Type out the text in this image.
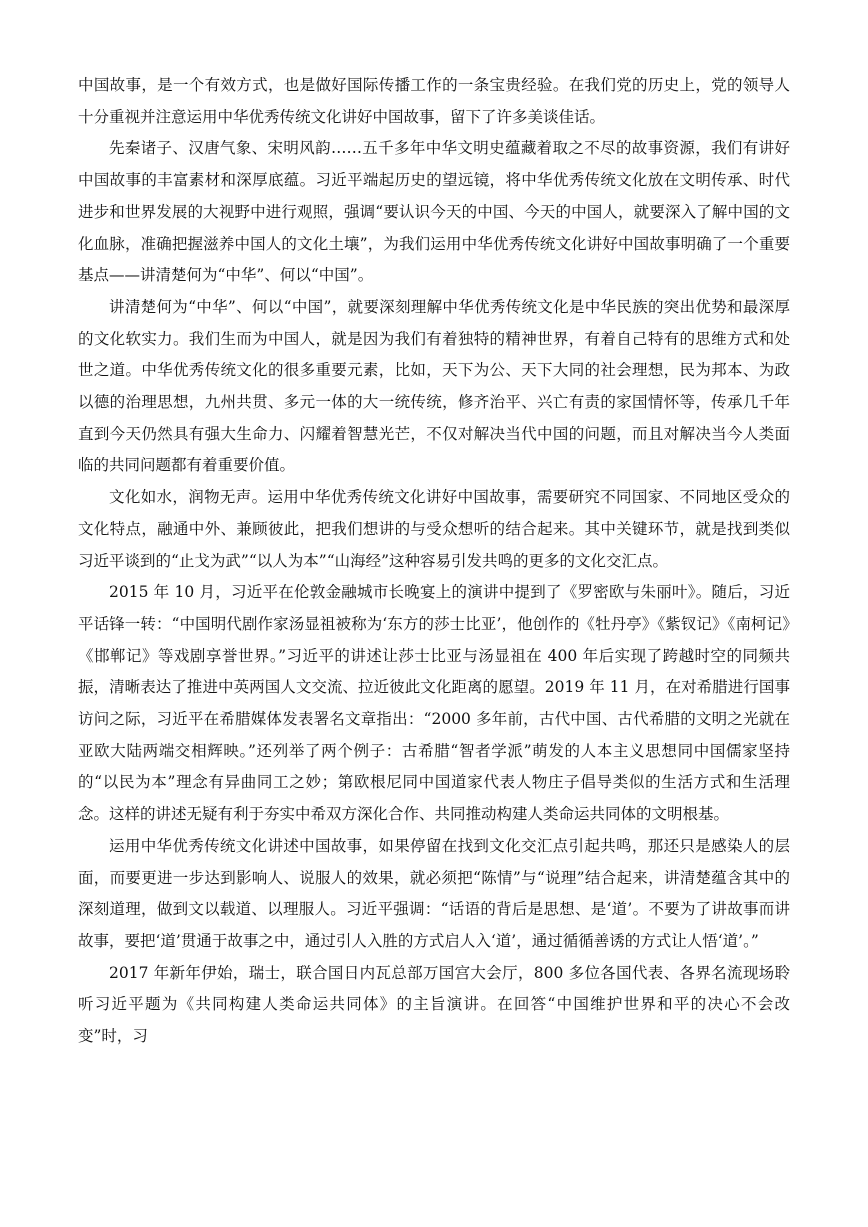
中国故事，是一个有效方式，也是做好国际传播工作的一条宝贵经验。在我们党的历史上，党的领导人十分重视并注意运用中华优秀传统文化讲好中国故事，留下了许多美谈佳话。

先秦诸子、汉唐气象、宋明风韵……五千多年中华文明史蕴藏着取之不尽的故事资源，我们有讲好中国故事的丰富素材和深厚底蕴。习近平端起历史的望远镜，将中华优秀传统文化放在文明传承、时代进步和世界发展的大视野中进行观照，强调“要认识今天的中国、今天的中国人，就要深入了解中国的文化血脉，准确把握滋养中国人的文化土壤”，为我们运用中华优秀传统文化讲好中国故事明确了一个重要基点——讲清楚何为“中华”、何以“中国”。

讲清楚何为“中华”、何以“中国”，就要深刻理解中华优秀传统文化是中华民族的突出优势和最深厚的文化软实力。我们生而为中国人，就是因为我们有着独特的精神世界，有着自己特有的思维方式和处世之道。中华优秀传统文化的很多重要元素，比如，天下为公、天下大同的社会理想，民为邦本、为政以德的治理思想，九州共贯、多元一体的大一统传统，修齐治平、兴亡有责的家国情怀等，传承几千年直到今天仍然具有强大生命力、闪耀着智慧光芒，不仅对解决当代中国的问题，而且对解决当今人类面临的共同问题都有着重要价值。

文化如水，润物无声。运用中华优秀传统文化讲好中国故事，需要研究不同国家、不同地区受众的文化特点，融通中外、兼顾彼此，把我们想讲的与受众想听的结合起来。其中关键环节，就是找到类似习近平谈到的“止戈为武”“以人为本”“山海经”这种容易引发共鸣的更多的文化交汇点。

2015 年 10 月，习近平在伦敦金融城市长晚宴上的演讲中提到了《罗密欧与朱丽叶》。随后，习近平话锋一转：“中国明代剧作家汤显祖被称为‘东方的莎士比亚’，他创作的《牡丹亭》《紫钗记》《南柯记》《邯郸记》等戏剧享誉世界。”习近平的讲述让莎士比亚与汤显祖在 400 年后实现了跨越时空的同频共振，清晰表达了推进中英两国人文交流、拉近彼此文化距离的愿望。2019 年 11 月，在对希腊进行国事访问之际，习近平在希腊媒体发表署名文章指出：“2000 多年前，古代中国、古代希腊的文明之光就在亚欧大陆两端交相辉映。”还列举了两个例子：古希腊“智者学派”萌发的人本主义思想同中国儒家坚持的“以民为本”理念有异曲同工之妙；第欧根尼同中国道家代表人物庄子倡导类似的生活方式和生活理念。这样的讲述无疑有利于夯实中希双方深化合作、共同推动构建人类命运共同体的文明根基。

运用中华优秀传统文化讲述中国故事，如果停留在找到文化交汇点引起共鸣，那还只是感染人的层面，而要更进一步达到影响人、说服人的效果，就必须把“陈情”与“说理”结合起来，讲清楚蕴含其中的深刻道理，做到文以载道、以理服人。习近平强调：“话语的背后是思想、是‘道’。不要为了讲故事而讲故事，要把‘道’贯通于故事之中，通过引人入胜的方式启人入‘道’，通过循循善诱的方式让人悟‘道’。”

2017 年新年伊始，瑞士，联合国日内瓦总部万国宫大会厅，800 多位各国代表、各界名流现场聆听习近平题为《共同构建人类命运共同体》的主旨演讲。在回答“中国维护世界和平的决心不会改变”时，习
